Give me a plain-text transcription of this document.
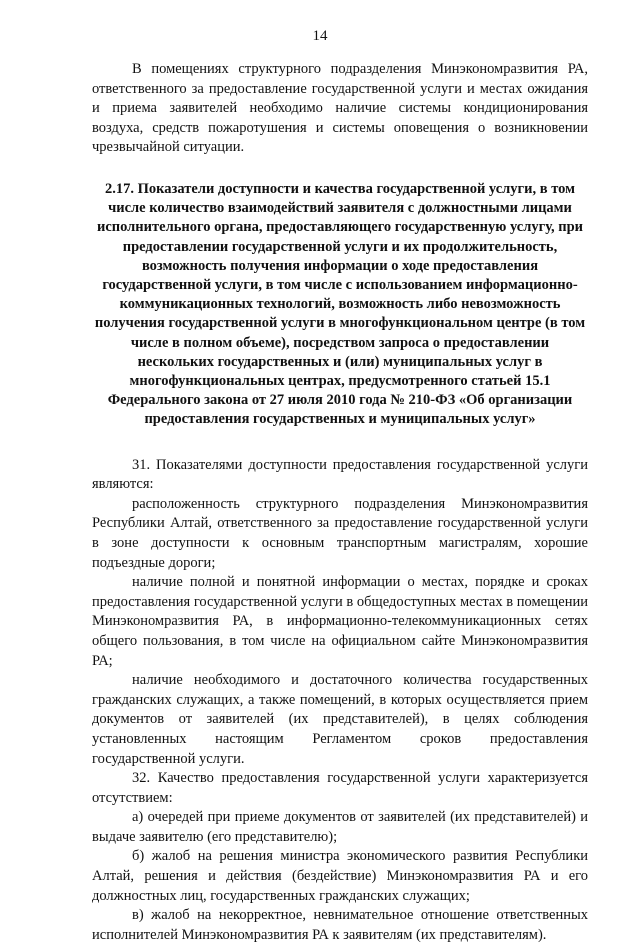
14

В помещениях структурного подразделения Минэкономразвития РА, ответственного за предоставление государственной услуги и местах ожидания и приема заявителей необходимо наличие системы кондиционирования воздуха, средств пожаротушения и системы оповещения о возникновении чрезвычайной ситуации.

2.17. Показатели доступности и качества государственной услуги, в том числе количество взаимодействий заявителя с должностными лицами исполнительного органа, предоставляющего государственную услугу, при предоставлении государственной услуги и их продолжительность, возможность получения информации о ходе предоставления государственной услуги, в том числе с использованием информационно-коммуникационных технологий, возможность либо невозможность получения государственной услуги в многофункциональном центре (в том числе в полном объеме), посредством запроса о предоставлении нескольких государственных и (или) муниципальных услуг в многофункциональных центрах, предусмотренного статьей 15.1 Федерального закона от 27 июля 2010 года № 210-ФЗ «Об организации предоставления государственных и муниципальных услуг»

31. Показателями доступности предоставления государственной услуги являются:

расположенность структурного подразделения Минэкономразвития Республики Алтай, ответственного за предоставление государственной услуги в зоне доступности к основным транспортным магистралям, хорошие подъездные дороги;

наличие полной и понятной информации о местах, порядке и сроках предоставления государственной услуги в общедоступных местах в помещении Минэкономразвития РА, в информационно-телекоммуникационных сетях общего пользования, в том числе на официальном сайте Минэкономразвития РА;

наличие необходимого и достаточного количества государственных гражданских служащих, а также помещений, в которых осуществляется прием документов от заявителей (их представителей), в целях соблюдения установленных настоящим Регламентом сроков предоставления государственной услуги.

32. Качество предоставления государственной услуги характеризуется отсутствием:

а) очередей при приеме документов от заявителей (их представителей) и выдаче заявителю (его представителю);

б) жалоб на решения министра экономического развития Республики Алтай, решения и действия (бездействие) Минэкономразвития РА и его должностных лиц, государственных гражданских служащих;

в) жалоб на некорректное, невнимательное отношение ответственных исполнителей Минэкономразвития РА к заявителям (их представителям).
